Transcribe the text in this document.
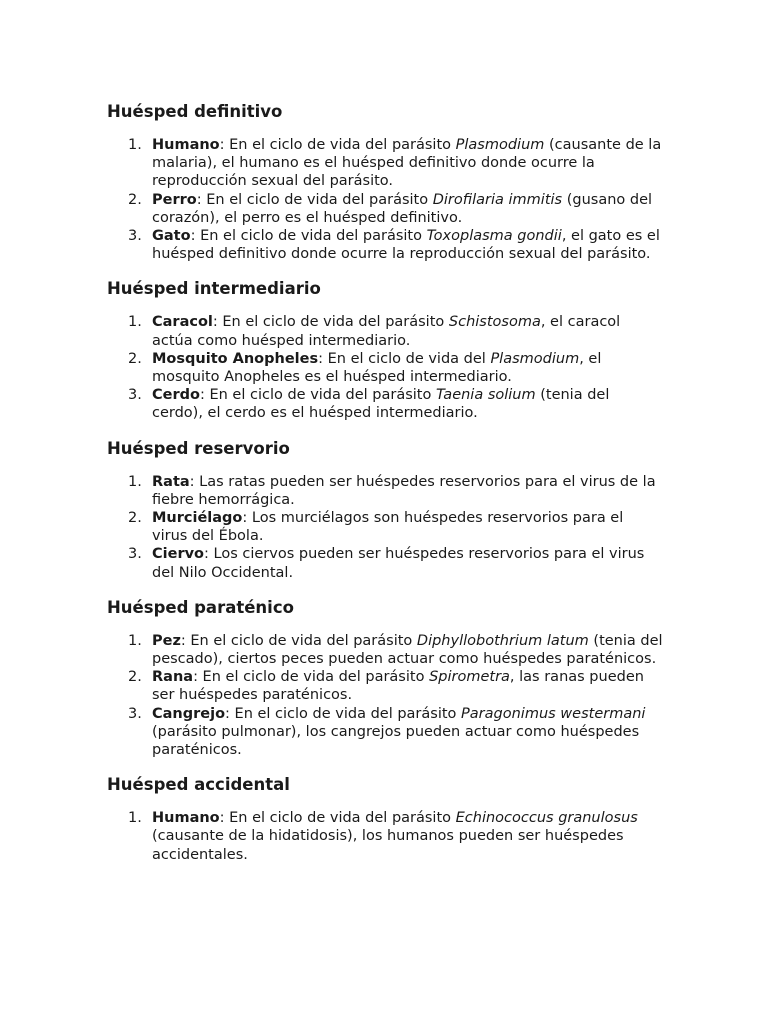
Huésped definitivo
1. Humano: En el ciclo de vida del parásito Plasmodium (causante de la malaria), el humano es el huésped definitivo donde ocurre la reproducción sexual del parásito.
2. Perro: En el ciclo de vida del parásito Dirofilaria immitis (gusano del corazón), el perro es el huésped definitivo.
3. Gato: En el ciclo de vida del parásito Toxoplasma gondii, el gato es el huésped definitivo donde ocurre la reproducción sexual del parásito.
Huésped intermediario
1. Caracol: En el ciclo de vida del parásito Schistosoma, el caracol actúa como huésped intermediario.
2. Mosquito Anopheles: En el ciclo de vida del Plasmodium, el mosquito Anopheles es el huésped intermediario.
3. Cerdo: En el ciclo de vida del parásito Taenia solium (tenia del cerdo), el cerdo es el huésped intermediario.
Huésped reservorio
1. Rata: Las ratas pueden ser huéspedes reservorios para el virus de la fiebre hemorrágica.
2. Murciélago: Los murciélagos son huéspedes reservorios para el virus del Ébola.
3. Ciervo: Los ciervos pueden ser huéspedes reservorios para el virus del Nilo Occidental.
Huésped paraténico
1. Pez: En el ciclo de vida del parásito Diphyllobothrium latum (tenia del pescado), ciertos peces pueden actuar como huéspedes paraténicos.
2. Rana: En el ciclo de vida del parásito Spirometra, las ranas pueden ser huéspedes paraténicos.
3. Cangrejo: En el ciclo de vida del parásito Paragonimus westermani (parásito pulmonar), los cangrejos pueden actuar como huéspedes paraténicos.
Huésped accidental
1. Humano: En el ciclo de vida del parásito Echinococcus granulosus (causante de la hidatidosis), los humanos pueden ser huéspedes accidentales.
